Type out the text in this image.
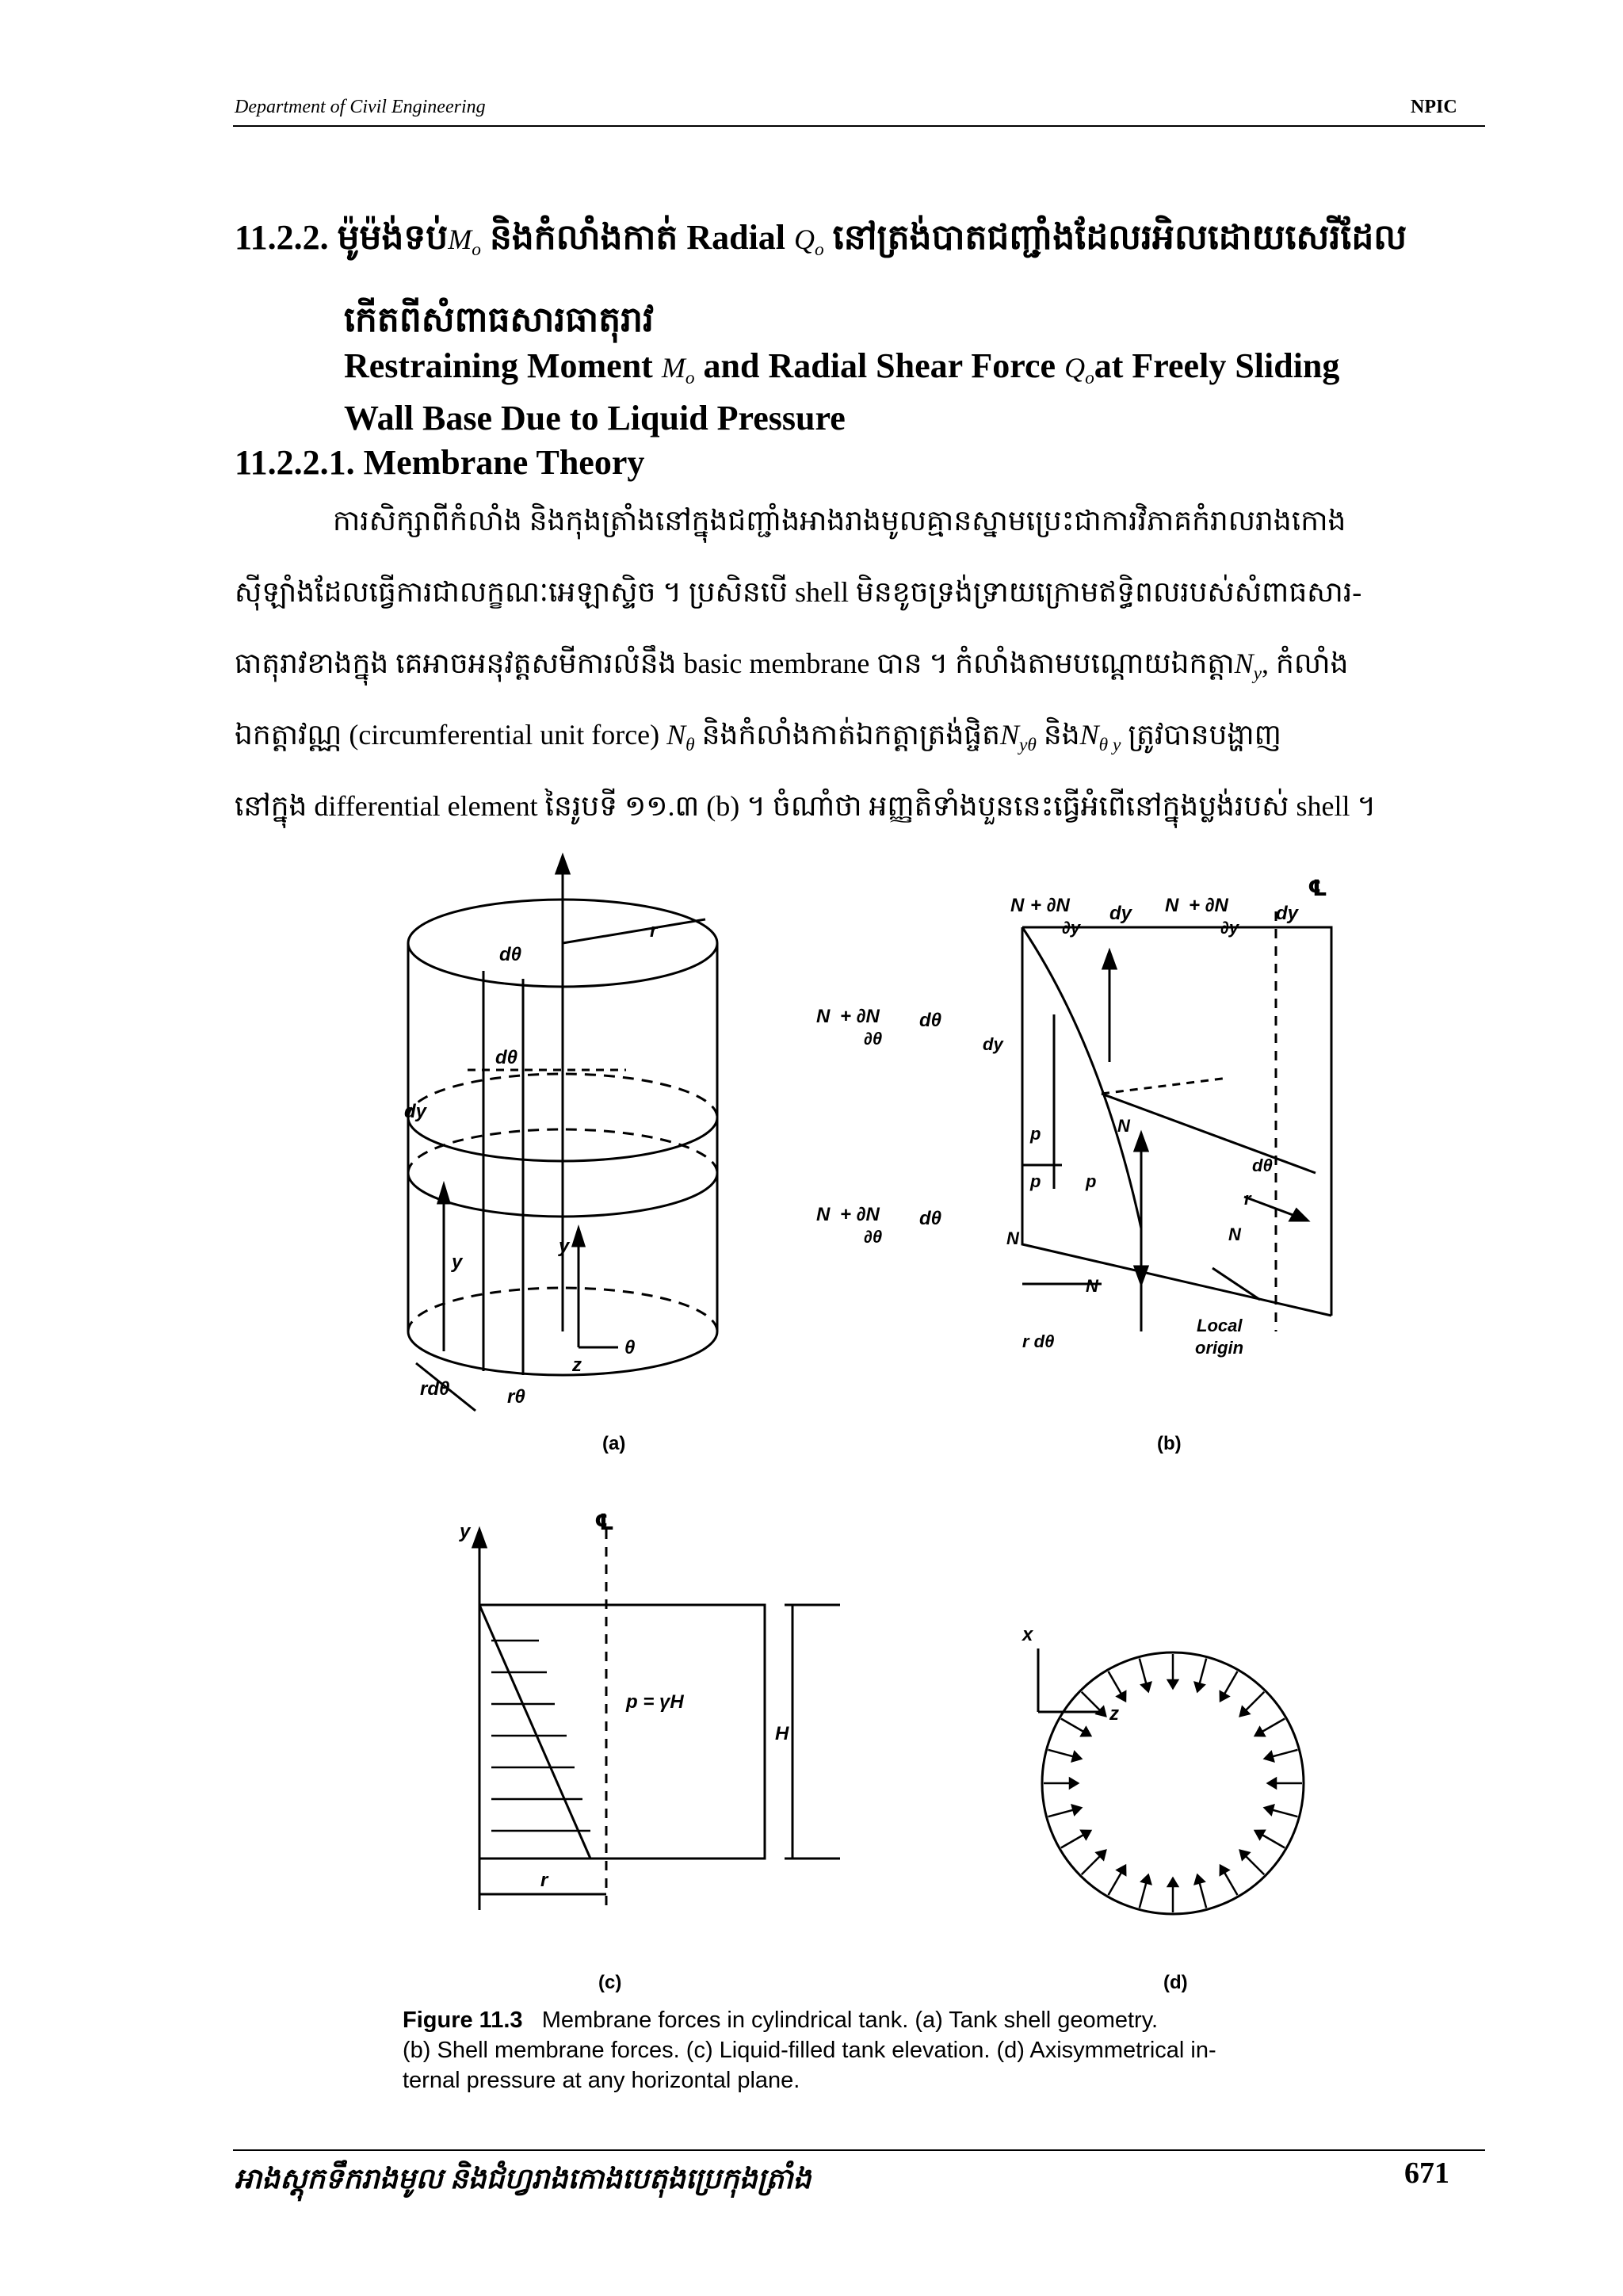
Department of Civil Engineering	NPIC
11.2.2. ម៉ូម៉ង់ទប់$M_o$ និងកំលាំងកាត់ Radial $Q_o$ នៅត្រង់បាតជញ្ជាំងដែលរអិលដោយសេរីដែល
កើតពីសំពាធសារធាតុរាវ
Restraining Moment $M_o$ and Radial Shear Force $Q_oat$ Freely Sliding
Wall Base Due to Liquid Pressure
11.2.2.1. Membrane Theory
ការសិក្សាពីកំលាំង និងកុងត្រាំងនៅក្នុងជញ្ជាំងអាងរាងមូលគ្មានស្នាមប្រេះជាការវិភាគកំរាលរាងកោង
ស៊ីឡាំងដែលធ្វើការជាលក្ខណៈអេឡាស្ទិច ។ ប្រសិនបើ shell មិនខូចទ្រង់ទ្រាយក្រោមឥទ្ធិពលរបស់សំពាធសារ-
ធាតុរាវខាងក្នុង គេអាចអនុវត្តសមីការលំនឹង basic membrane បាន ។ កំលាំងតាមបណ្តោយឯកត្តា$N_y$, កំលាំង
ឯកត្តាវណ្ណ (circumferential unit force) $N_\theta$ និងកំលាំងកាត់ឯកត្តាត្រង់ផ្ចិត$N_{y\theta}$ និង$N_{\theta y}$ ត្រូវបានបង្ហាញ
នៅក្នុង differential element នៃរូបទី ១១.៣ (b) ។ ចំណាំថា អញ្ញតិទាំងបួននេះធ្វើអំពើនៅក្នុងប្លង់របស់ shell ។
dθ
r
dθ
dy
y
y
θ
z
rdθ	rθ
(a)
N + ∂N
∂y
dy N + ∂N
∂y
dy
℄
N + ∂N
∂θ
dθ
N + ∂N
∂θ
dθ
dy
p
p	p
N
dθ
r
N
N
N
r dθ
Local
origin
(b)
y	℄
p = γH
H
r
(c)
x
z
(d)
Figure 11.3 Membrane forces in cylindrical tank. (a) Tank shell geometry.
(b) Shell membrane forces. (c) Liquid-filled tank elevation. (d) Axisymmetrical in-
ternal pressure at any horizontal plane.
អាងស្តុកទឹករាងមូល និងជំហ្វរាងកោងបេតុងប្រេកុងត្រាំង	671
